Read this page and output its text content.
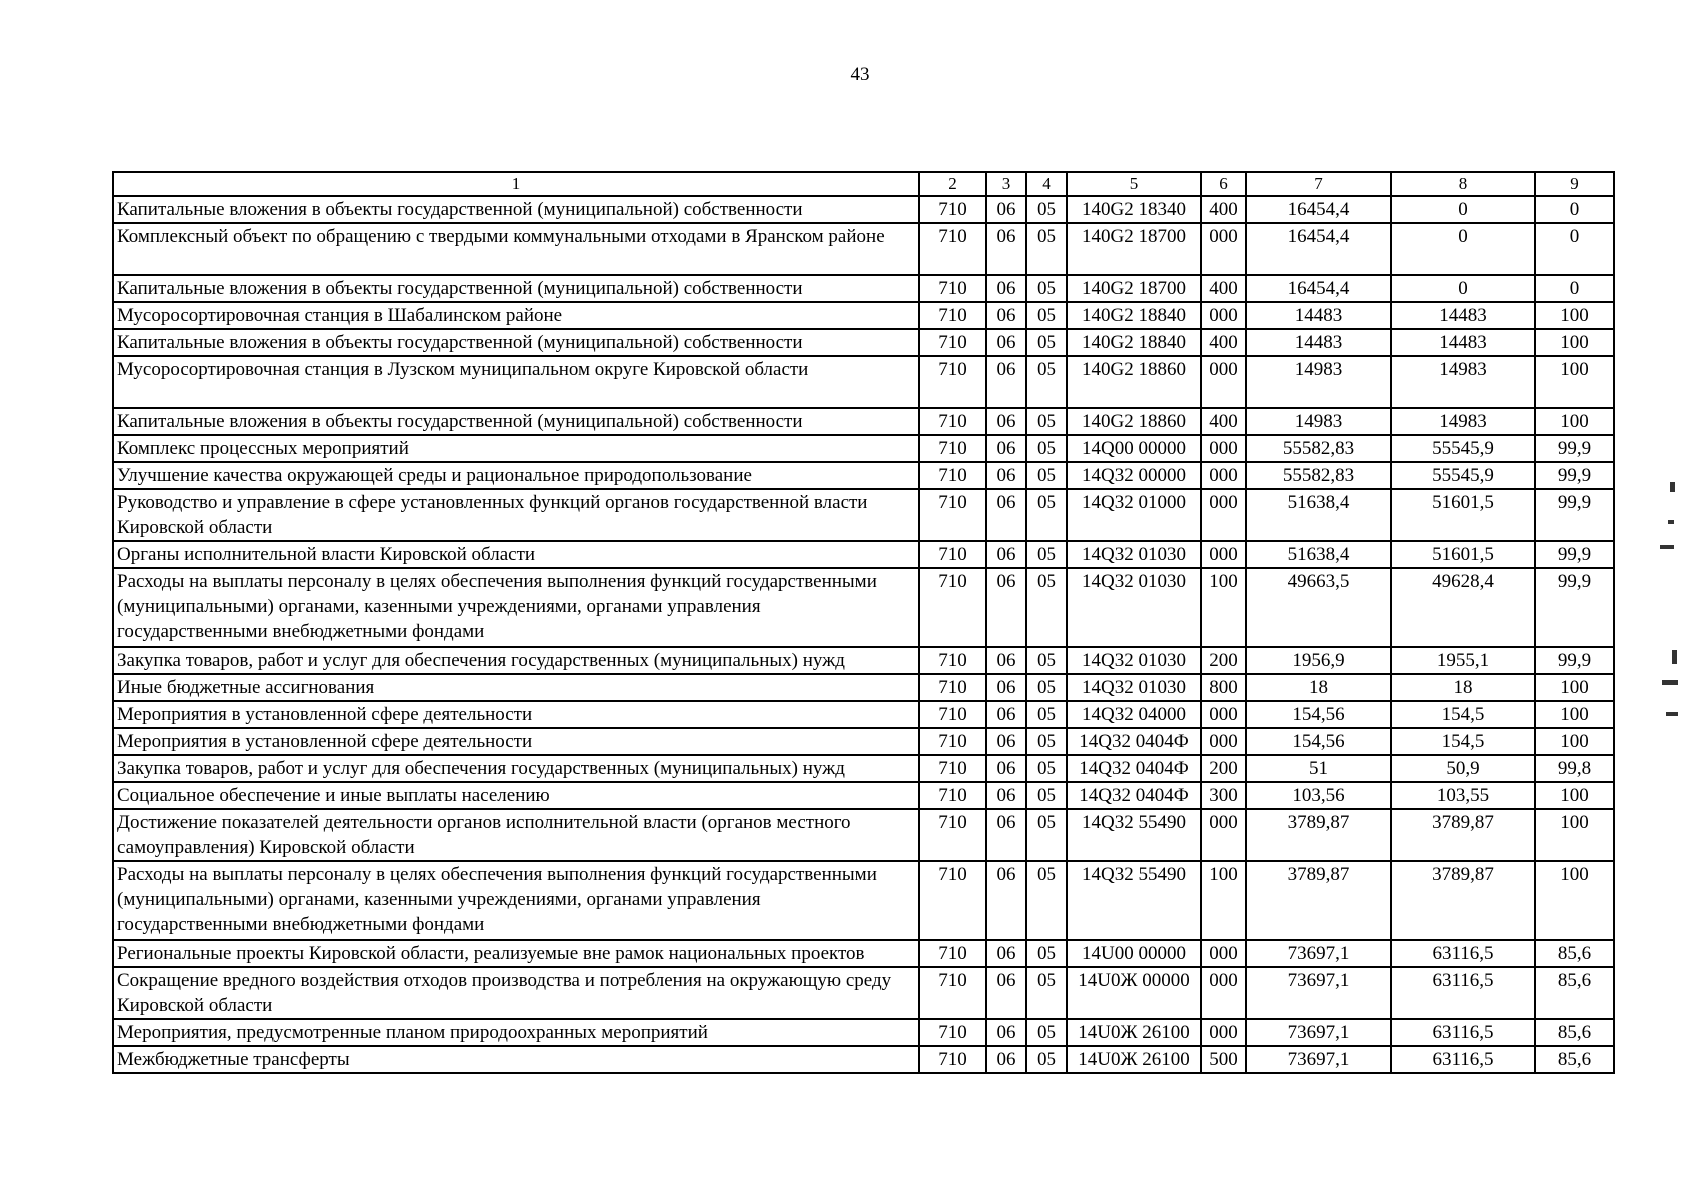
43
1	2	3	4	5	6	7	8	9
Капитальные вложения в объекты государственной (муниципальной) собственности	710	06	05	140G2 18340	400	16454,4	0	0
Комплексный объект по обращению с твердыми коммунальными отходами в Яранском районе	710	06	05	140G2 18700	000	16454,4	0	0
Капитальные вложения в объекты государственной (муниципальной) собственности	710	06	05	140G2 18700	400	16454,4	0	0
Мусоросортировочная станция в Шабалинском районе	710	06	05	140G2 18840	000	14483	14483	100
Капитальные вложения в объекты государственной (муниципальной) собственности	710	06	05	140G2 18840	400	14483	14483	100
Мусоросортировочная станция в Лузском муниципальном округе Кировской области	710	06	05	140G2 18860	000	14983	14983	100
Капитальные вложения в объекты государственной (муниципальной) собственности	710	06	05	140G2 18860	400	14983	14983	100
Комплекс процессных мероприятий	710	06	05	14Q00 00000	000	55582,83	55545,9	99,9
Улучшение качества окружающей среды и рациональное природопользование	710	06	05	14Q32 00000	000	55582,83	55545,9	99,9
Руководство и управление в сфере установленных функций органов государственной власти Кировской области	710	06	05	14Q32 01000	000	51638,4	51601,5	99,9
Органы исполнительной власти Кировской области	710	06	05	14Q32 01030	000	51638,4	51601,5	99,9
Расходы на выплаты персоналу в целях обеспечения выполнения функций государственными (муниципальными) органами, казенными учреждениями, органами управления государственными внебюджетными фондами	710	06	05	14Q32 01030	100	49663,5	49628,4	99,9
Закупка товаров, работ и услуг для обеспечения государственных (муниципальных) нужд	710	06	05	14Q32 01030	200	1956,9	1955,1	99,9
Иные бюджетные ассигнования	710	06	05	14Q32 01030	800	18	18	100
Мероприятия в установленной сфере деятельности	710	06	05	14Q32 04000	000	154,56	154,5	100
Мероприятия в установленной сфере деятельности	710	06	05	14Q32 0404Ф	000	154,56	154,5	100
Закупка товаров, работ и услуг для обеспечения государственных (муниципальных) нужд	710	06	05	14Q32 0404Ф	200	51	50,9	99,8
Социальное обеспечение и иные выплаты населению	710	06	05	14Q32 0404Ф	300	103,56	103,55	100
Достижение показателей деятельности органов исполнительной власти (органов местного самоуправления) Кировской области	710	06	05	14Q32 55490	000	3789,87	3789,87	100
Расходы на выплаты персоналу в целях обеспечения выполнения функций государственными (муниципальными) органами, казенными учреждениями, органами управления государственными внебюджетными фондами	710	06	05	14Q32 55490	100	3789,87	3789,87	100
Региональные проекты Кировской области, реализуемые вне рамок национальных проектов	710	06	05	14U00 00000	000	73697,1	63116,5	85,6
Сокращение вредного воздействия отходов производства и потребления на окружающую среду Кировской области	710	06	05	14U0Ж 00000	000	73697,1	63116,5	85,6
Мероприятия, предусмотренные планом природоохранных мероприятий	710	06	05	14U0Ж 26100	000	73697,1	63116,5	85,6
Межбюджетные трансферты	710	06	05	14U0Ж 26100	500	73697,1	63116,5	85,6
